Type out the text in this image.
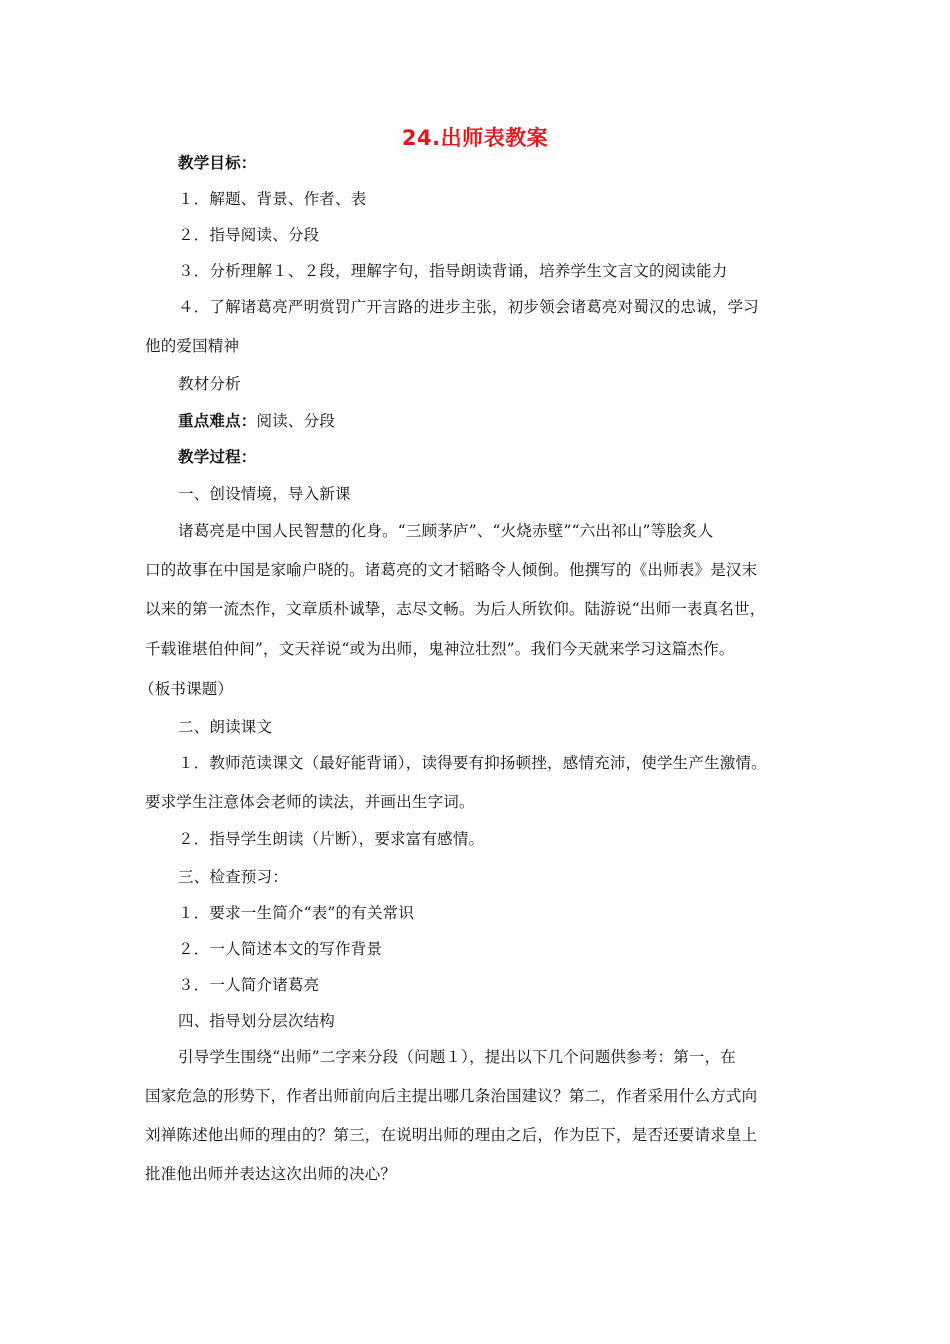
24.出师表教案
教学目标：
１．解题、背景、作者、表
２．指导阅读、分段
３．分析理解１、２段，理解字句，指导朗读背诵，培养学生文言文的阅读能力
４．了解诸葛亮严明赏罚广开言路的进步主张，初步领会诸葛亮对蜀汉的忠诚，学习
他的爱国精神
教材分析
重点难点：阅读、分段
教学过程：
一、创设情境，导入新课
诸葛亮是中国人民智慧的化身。“三顾茅庐”、“火烧赤壁”“六出祁山”等脍炙人
口的故事在中国是家喻户晓的。诸葛亮的文才韬略令人倾倒。他撰写的《出师表》是汉末
以来的第一流杰作，文章质朴诚挚，志尽文畅。为后人所钦仰。陆游说“出师一表真名世，
千载谁堪伯仲间”，文天祥说“或为出师，鬼神泣壮烈”。我们今天就来学习这篇杰作。
（板书课题）
二、朗读课文
１．教师范读课文（最好能背诵），读得要有抑扬顿挫，感情充沛，使学生产生激情。
要求学生注意体会老师的读法，并画出生字词。
２．指导学生朗读（片断），要求富有感情。
三、检查预习：
１．要求一生简介“表”的有关常识
２．一人简述本文的写作背景
３．一人简介诸葛亮
四、指导划分层次结构
引导学生围绕“出师”二字来分段（问题１），提出以下几个问题供参考：第一，在
国家危急的形势下，作者出师前向后主提出哪几条治国建议？第二，作者采用什么方式向
刘禅陈述他出师的理由的？第三，在说明出师的理由之后，作为臣下，是否还要请求皇上
批准他出师并表达这次出师的决心？
